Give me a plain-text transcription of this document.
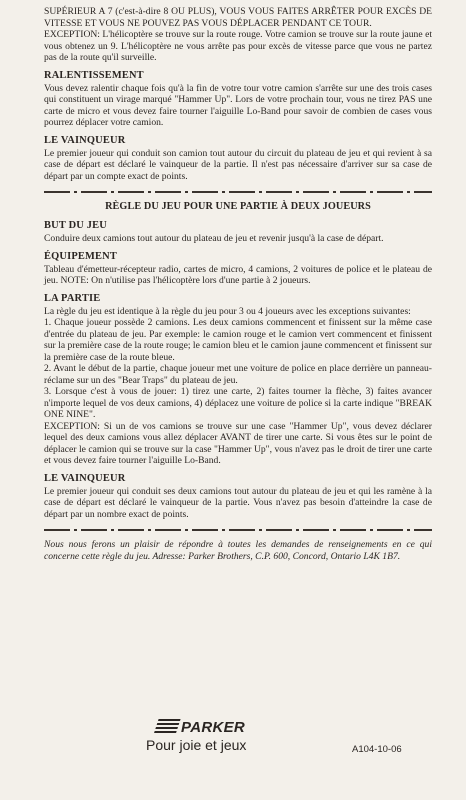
SUPÉRIEUR A 7 (c'est-à-dire 8 OU PLUS), VOUS VOUS FAITES ARRÊTER POUR EXCÈS DE VITESSE ET VOUS NE POUVEZ PAS VOUS DÉPLACER PENDANT CE TOUR.

EXCEPTION: L'hélicoptère se trouve sur la route rouge. Votre camion se trouve sur la route jaune et vous obtenez un 9. L'hélicoptère ne vous arrête pas pour excès de vitesse parce que vous ne partez pas de la route qu'il surveille.

RALENTISSEMENT

Vous devez ralentir chaque fois qu'à la fin de votre tour votre camion s'arrête sur une des trois cases qui constituent un virage marqué "Hammer Up". Lors de votre prochain tour, vous ne tirez PAS une carte de micro et vous devez faire tourner l'aiguille Lo-Band pour savoir de combien de cases vous pourrez déplacer votre camion.

LE VAINQUEUR

Le premier joueur qui conduit son camion tout autour du circuit du plateau de jeu et qui revient à sa case de départ est déclaré le vainqueur de la partie. Il n'est pas nécessaire d'arriver sur sa case de départ par un compte exact de points.

RÈGLE DU JEU POUR UNE PARTIE À DEUX JOUEURS
BUT DU JEU

Conduire deux camions tout autour du plateau de jeu et revenir jusqu'à la case de départ.

ÉQUIPEMENT

Tableau d'émetteur-récepteur radio, cartes de micro, 4 camions, 2 voitures de police et le plateau de jeu. NOTE: On n'utilise pas l'hélicoptère lors d'une partie à 2 joueurs.

LA PARTIE

La règle du jeu est identique à la règle du jeu pour 3 ou 4 joueurs avec les exceptions suivantes:

1. Chaque joueur possède 2 camions. Les deux camions commencent et finissent sur la même case d'entrée du plateau de jeu. Par exemple: le camion rouge et le camion vert commencent et finissent sur la première case de la route rouge; le camion bleu et le camion jaune commencent et finissent sur la première case de la route bleue.

2. Avant le début de la partie, chaque joueur met une voiture de police en place derrière un panneau-réclame sur un des "Bear Traps" du plateau de jeu.

3. Lorsque c'est à vous de jouer: 1) tirez une carte, 2) faites tourner la flèche, 3) faites avancer n'importe lequel de vos deux camions, 4) déplacez une voiture de police si la carte indique "BREAK ONE NINE".

EXCEPTION: Si un de vos camions se trouve sur une case "Hammer Up", vous devez déclarer lequel des deux camions vous allez déplacer AVANT de tirer une carte. Si vous êtes sur le point de déplacer le camion qui se trouve sur la case "Hammer Up", vous n'avez pas le droit de tirer une carte et vous devez faire tourner l'aiguille Lo-Band.

LE VAINQUEUR

Le premier joueur qui conduit ses deux camions tout autour du plateau de jeu et qui les ramène à la case de départ est déclaré le vainqueur de la partie. Vous n'avez pas besoin d'atteindre la case de départ par un nombre exact de points.

Nous nous ferons un plaisir de répondre à toutes les demandes de renseignements en ce qui concerne cette règle du jeu. Adresse: Parker Brothers, C.P. 600, Concord, Ontario L4K 1B7.

PARKER
Pour joie et jeux	A104-10-06
